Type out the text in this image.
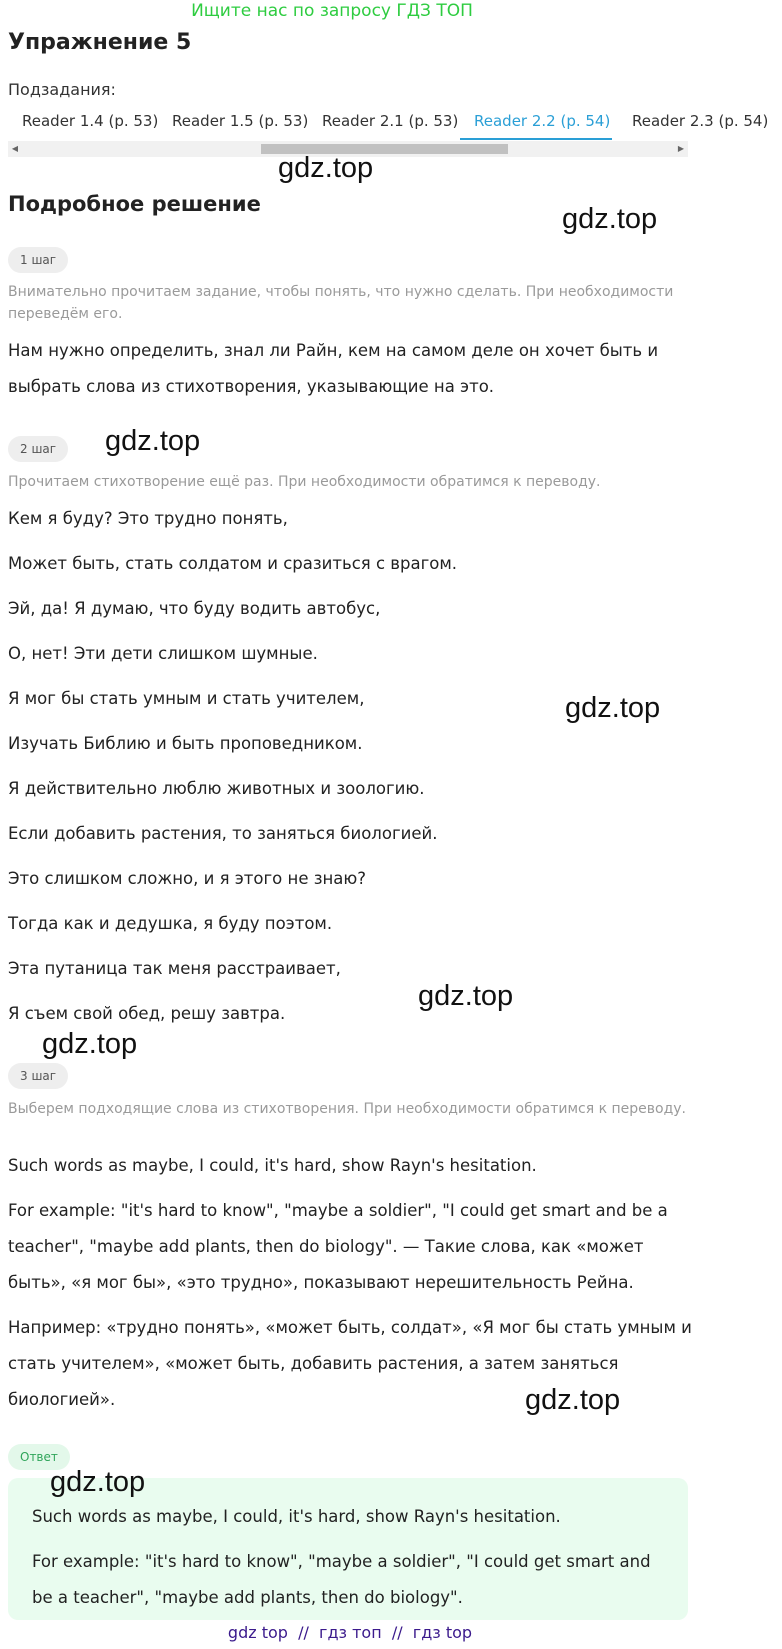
Ищите нас по запросу ГДЗ ТОП
Упражнение 5
Подзадания:
Reader 1.4 (p. 53) Reader 1.5 (p. 53) Reader 2.1 (p. 53)	Reader 2.2 (p. 54)	Reader 2.3 (p. 54)
◀	▶
gdz.top
Подробное решение	gdz.top
1 шаг
Внимательно прочитаем задание, чтобы понять, что нужно сделать. При необходимости переведём его.
Нам нужно определить, знал ли Райн, кем на самом деле он хочет быть и выбрать слова из стихотворения, указывающие на это.
2 шаг	gdz.top
Прочитаем стихотворение ещё раз. При необходимости обратимся к переводу.
Кем я буду? Это трудно понять,
Может быть, стать солдатом и сразиться с врагом.
Эй, да! Я думаю, что буду водить автобус,
О, нет! Эти дети слишком шумные.
Я мог бы стать умным и стать учителем,	gdz.top
Изучать Библию и быть проповедником.
Я действительно люблю животных и зоологию.
Если добавить растения, то заняться биологией.
Это слишком сложно, и я этого не знаю?
Тогда как и дедушка, я буду поэтом.
Эта путаница так меня расстраивает,
gdz.top
Я съем свой обед, решу завтра.
gdz.top
3 шаг
Выберем подходящие слова из стихотворения. При необходимости обратимся к переводу.
Such words as maybe, I could, it's hard, show Rayn's hesitation.
For example: "it's hard to know", "maybe a soldier", "I could get smart and be a teacher", "maybe add plants, then do biology". — Такие слова, как «может быть», «я мог бы», «это трудно», показывают нерешительность Рейна.
Например: «трудно понять», «может быть, солдат», «Я мог бы стать умным и стать учителем», «может быть, добавить растения, а затем заняться биологией».	gdz.top
Ответ
gdz.top
Such words as maybe, I could, it's hard, show Rayn's hesitation.
For example: "it's hard to know", "maybe a soldier", "I could get smart and be a teacher", "maybe add plants, then do biology".
gdz top  //  гдз топ  //  гдз top
